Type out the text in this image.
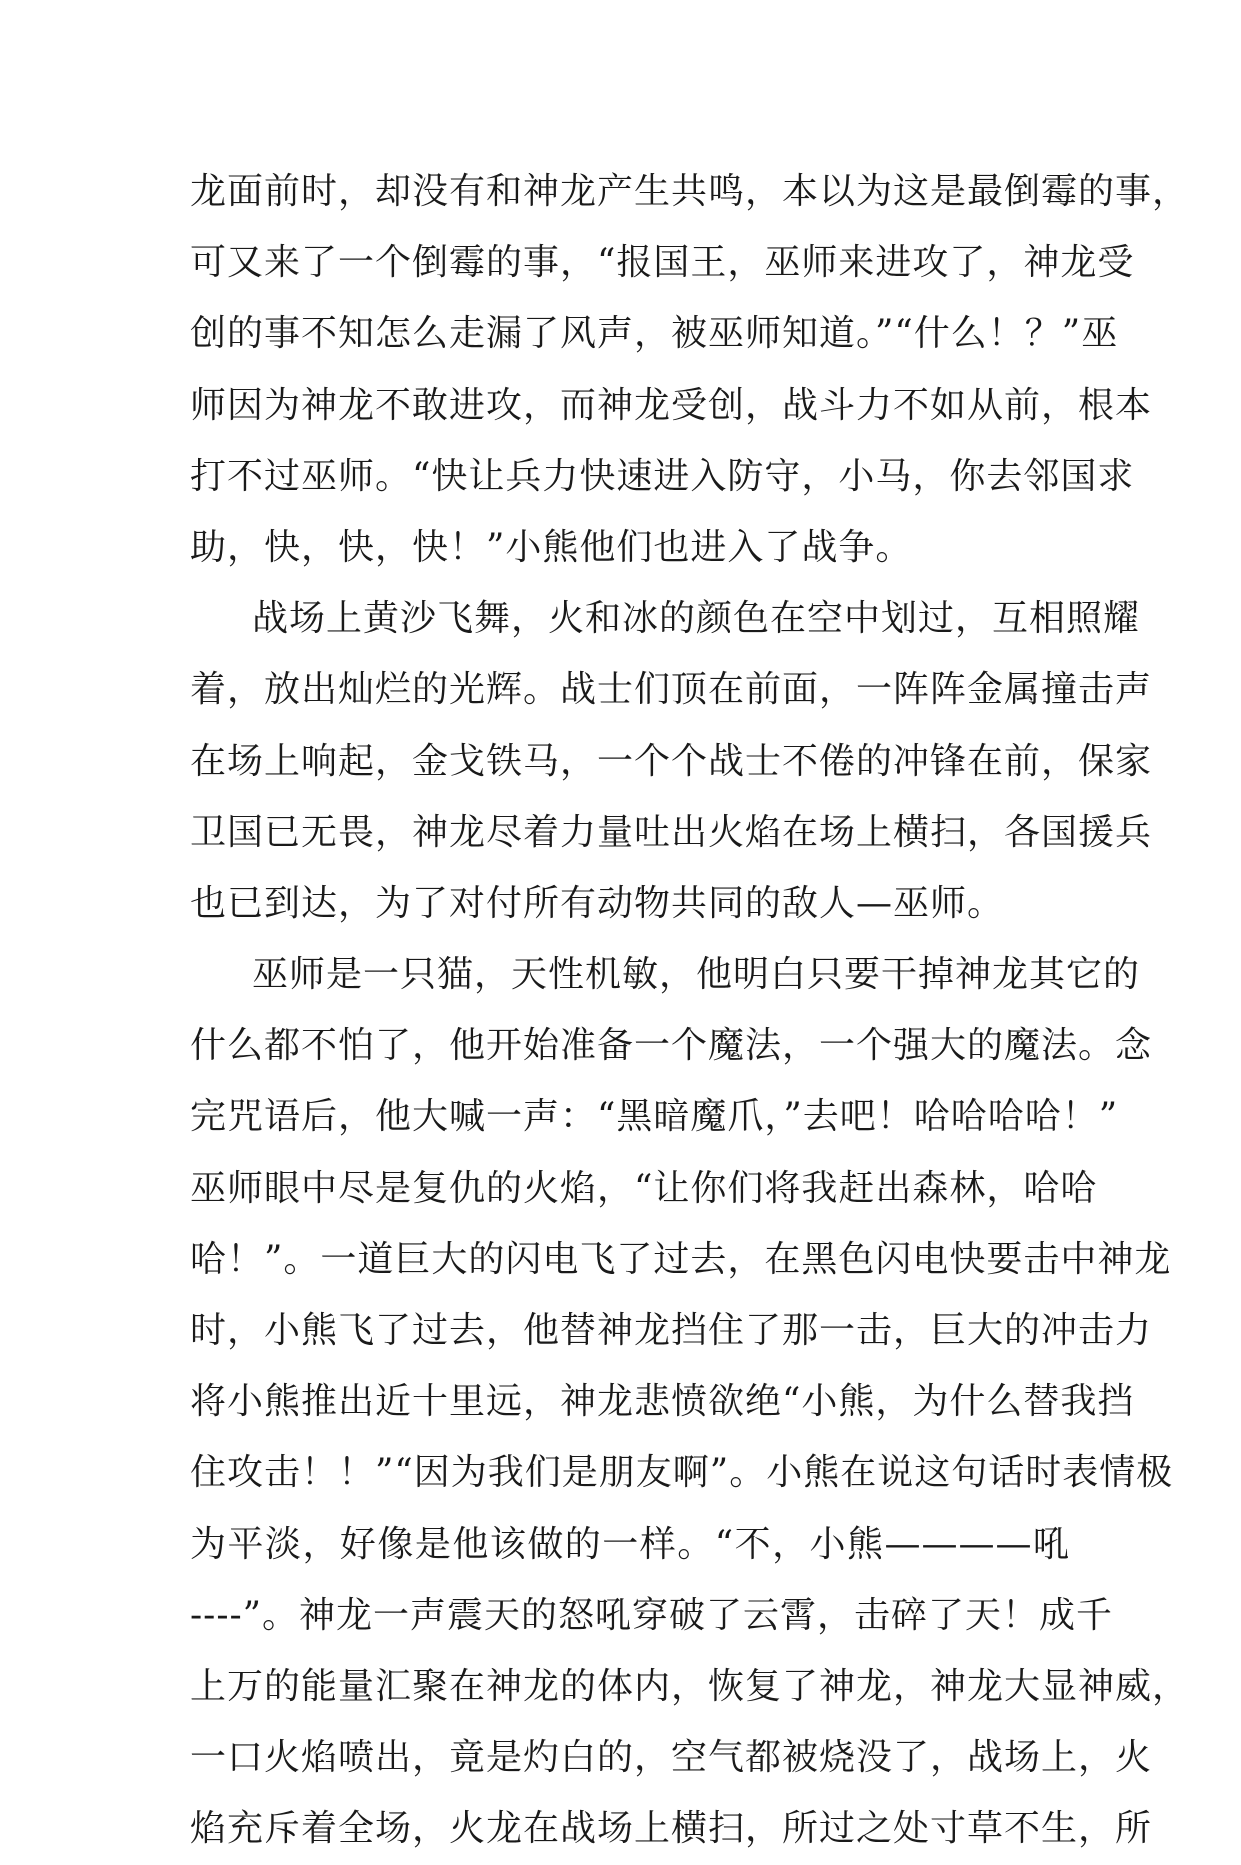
龙面前时，却没有和神龙产生共鸣，本以为这是最倒霉的事，
可又来了一个倒霉的事，“报国王，巫师来进攻了，神龙受
创的事不知怎么走漏了风声，被巫师知道。”“什么！？”巫
师因为神龙不敢进攻，而神龙受创，战斗力不如从前，根本
打不过巫师。“快让兵力快速进入防守，小马，你去邻国求
助，快，快，快！”小熊他们也进入了战争。
战场上黄沙飞舞，火和冰的颜色在空中划过，互相照耀
着，放出灿烂的光辉。战士们顶在前面，一阵阵金属撞击声
在场上响起，金戈铁马，一个个战士不倦的冲锋在前，保家
卫国已无畏，神龙尽着力量吐出火焰在场上横扫，各国援兵
也已到达，为了对付所有动物共同的敌人—巫师。
巫师是一只猫，天性机敏，他明白只要干掉神龙其它的
什么都不怕了，他开始准备一个魔法，一个强大的魔法。念
完咒语后，他大喊一声：“黑暗魔爪，”去吧！哈哈哈哈！”
巫师眼中尽是复仇的火焰，“让你们将我赶出森林，哈哈
哈！”。一道巨大的闪电飞了过去，在黑色闪电快要击中神龙
时，小熊飞了过去，他替神龙挡住了那一击，巨大的冲击力
将小熊推出近十里远，神龙悲愤欲绝“小熊，为什么替我挡
住攻击！！”“因为我们是朋友啊”。小熊在说这句话时表情极
为平淡，好像是他该做的一样。“不，小熊————吼
----”。神龙一声震天的怒吼穿破了云霄，击碎了天！成千
上万的能量汇聚在神龙的体内，恢复了神龙，神龙大显神威，
一口火焰喷出，竟是灼白的，空气都被烧没了，战场上，火
焰充斥着全场，火龙在战场上横扫，所过之处寸草不生，所
